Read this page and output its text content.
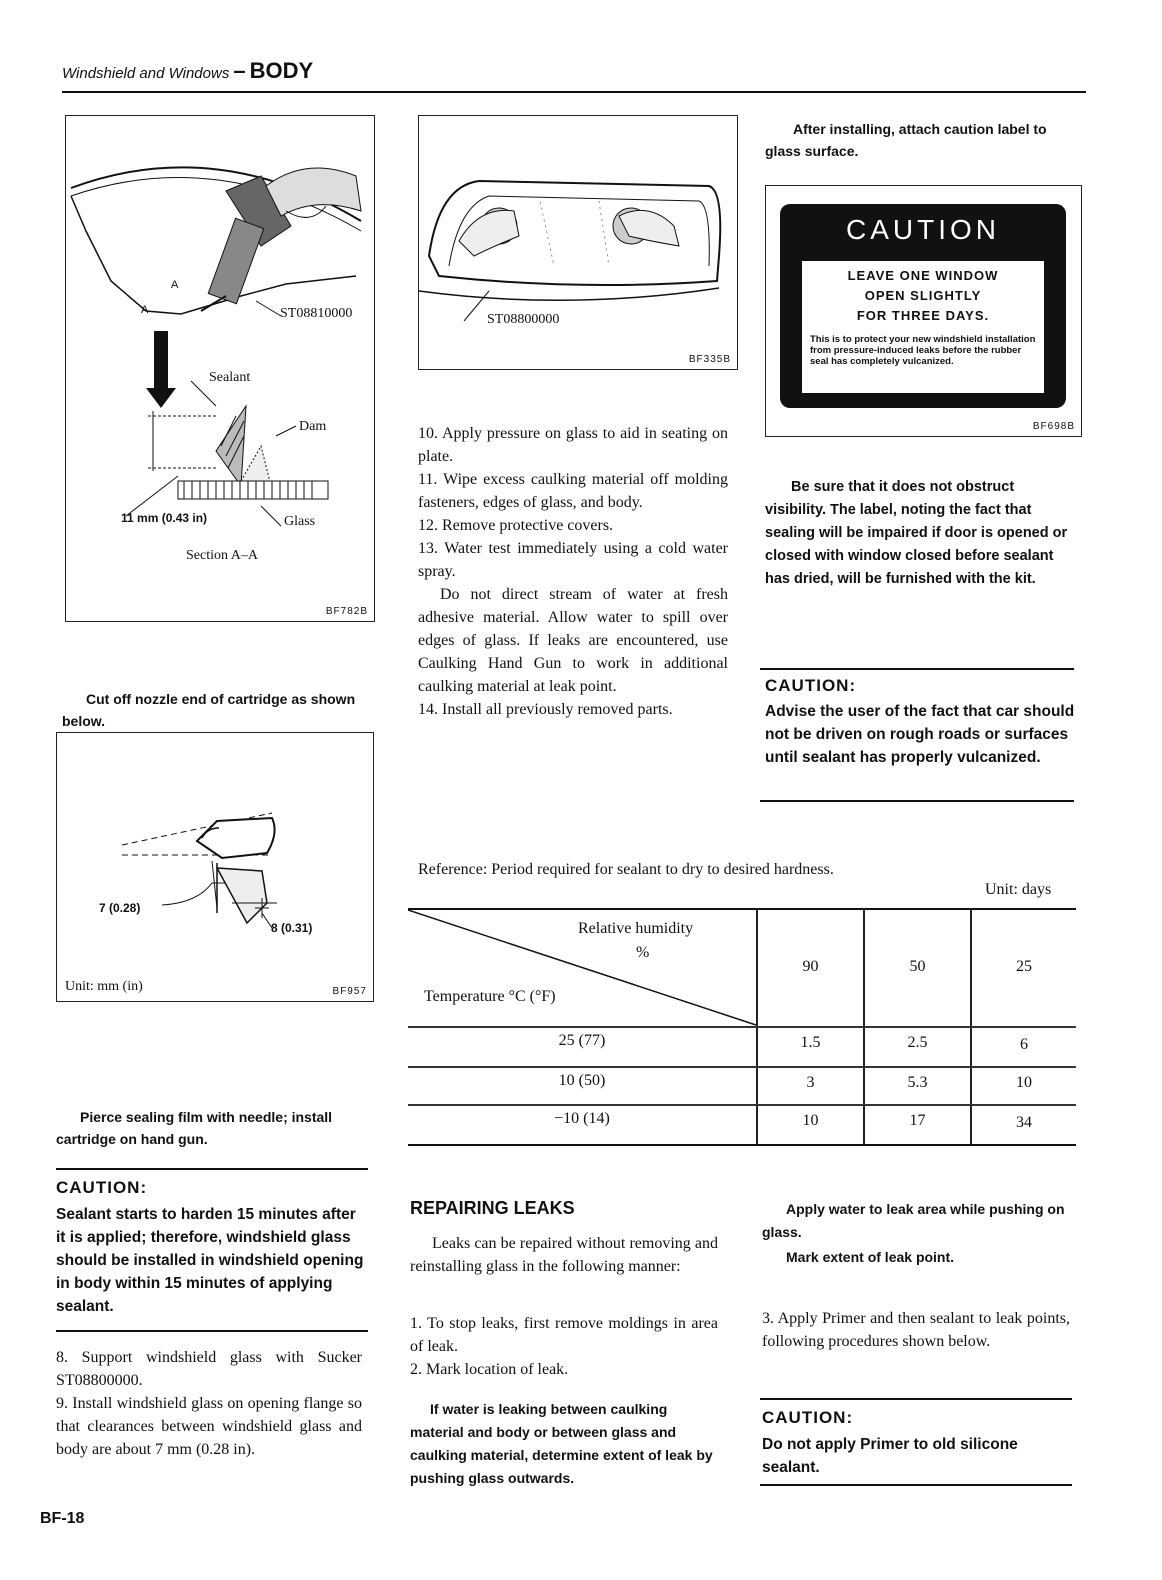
Windshield and Windows – BODY
A
A	ST08810000
Sealant
Dam
11 mm (0.43 in)	Glass
Section A–A
BF782B
ST08800000
BF335B
After installing, attach caution label to glass surface.
CAUTION
LEAVE ONE WINDOW
OPEN SLIGHTLY
FOR THREE DAYS.
This is to protect your new windshield installation from pressure-induced leaks before the rubber seal has completely vulcanized.
BF698B
Be sure that it does not obstruct visibility. The label, noting the fact that sealing will be impaired if door is opened or closed with window closed before sealant has dried, will be furnished with the kit.
CAUTION:
Advise the user of the fact that car should not be driven on rough roads or surfaces until sealant has properly vulcanized.
10. Apply pressure on glass to aid in seating on plate.
11. Wipe excess caulking material off molding fasteners, edges of glass, and body.
12. Remove protective covers.
13. Water test immediately using a cold water spray.
Do not direct stream of water at fresh adhesive material. Allow water to spill over edges of glass. If leaks are encountered, use Caulking Hand Gun to work in additional caulking material at leak point.
14. Install all previously removed parts.
Cut off nozzle end of cartridge as shown below.
7 (0.28)
8 (0.31)
Unit: mm (in)	BF957
Reference: Period required for sealant to dry to desired hardness.
Unit: days
Relative humidity
%
Temperature °C (°F)
90	50	25
25 (77)	1.5	2.5	6
10 (50)	3	5.3	10
−10 (14)	10	17	34
Pierce sealing film with needle; install cartridge on hand gun.
CAUTION:
Sealant starts to harden 15 minutes after it is applied; therefore, windshield glass should be installed in windshield opening in body within 15 minutes of applying sealant.
8. Support windshield glass with Sucker ST08800000.
9. Install windshield glass on opening flange so that clearances between windshield glass and body are about 7 mm (0.28 in).
BF-18
REPAIRING LEAKS
Leaks can be repaired without removing and reinstalling glass in the following manner:
1. To stop leaks, first remove moldings in area of leak.
2. Mark location of leak.
If water is leaking between caulking material and body or between glass and caulking material, determine extent of leak by pushing glass outwards.
Apply water to leak area while pushing on glass.
Mark extent of leak point.
3. Apply Primer and then sealant to leak points, following procedures shown below.
CAUTION:
Do not apply Primer to old silicone sealant.
